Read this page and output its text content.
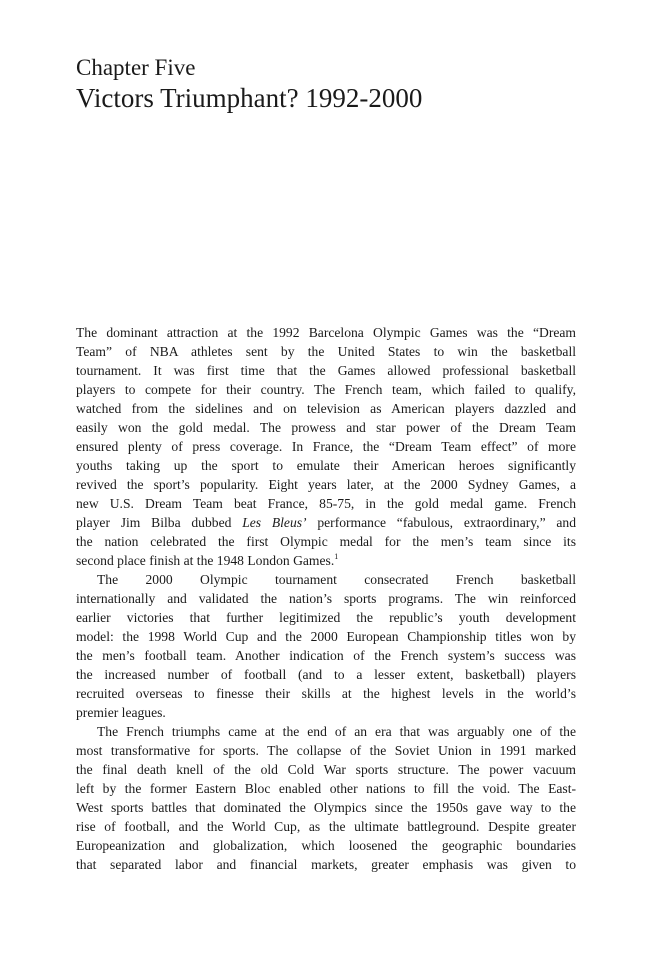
Chapter Five
Victors Triumphant? 1992-2000
The dominant attraction at the 1992 Barcelona Olympic Games was the “Dream
Team” of NBA athletes sent by the United States to win the basketball
tournament. It was first time that the Games allowed professional basketball
players to compete for their country. The French team, which failed to qualify,
watched from the sidelines and on television as American players dazzled and
easily won the gold medal. The prowess and star power of the Dream Team
ensured plenty of press coverage. In France, the “Dream Team effect” of more
youths taking up the sport to emulate their American heroes significantly
revived the sport’s popularity. Eight years later, at the 2000 Sydney Games, a
new U.S. Dream Team beat France, 85-75, in the gold medal game. French
player Jim Bilba dubbed Les Bleus’ performance “fabulous, extraordinary,” and
the nation celebrated the first Olympic medal for the men’s team since its
second place finish at the 1948 London Games.$^1$
The 2000 Olympic tournament consecrated French basketball
internationally and validated the nation’s sports programs. The win reinforced
earlier victories that further legitimized the republic’s youth development
model: the 1998 World Cup and the 2000 European Championship titles won by
the men’s football team. Another indication of the French system’s success was
the increased number of football (and to a lesser extent, basketball) players
recruited overseas to finesse their skills at the highest levels in the world’s
premier leagues.
The French triumphs came at the end of an era that was arguably one of the
most transformative for sports. The collapse of the Soviet Union in 1991 marked
the final death knell of the old Cold War sports structure. The power vacuum
left by the former Eastern Bloc enabled other nations to fill the void. The East-
West sports battles that dominated the Olympics since the 1950s gave way to the
rise of football, and the World Cup, as the ultimate battleground. Despite greater
Europeanization and globalization, which loosened the geographic boundaries
that separated labor and financial markets, greater emphasis was given to
